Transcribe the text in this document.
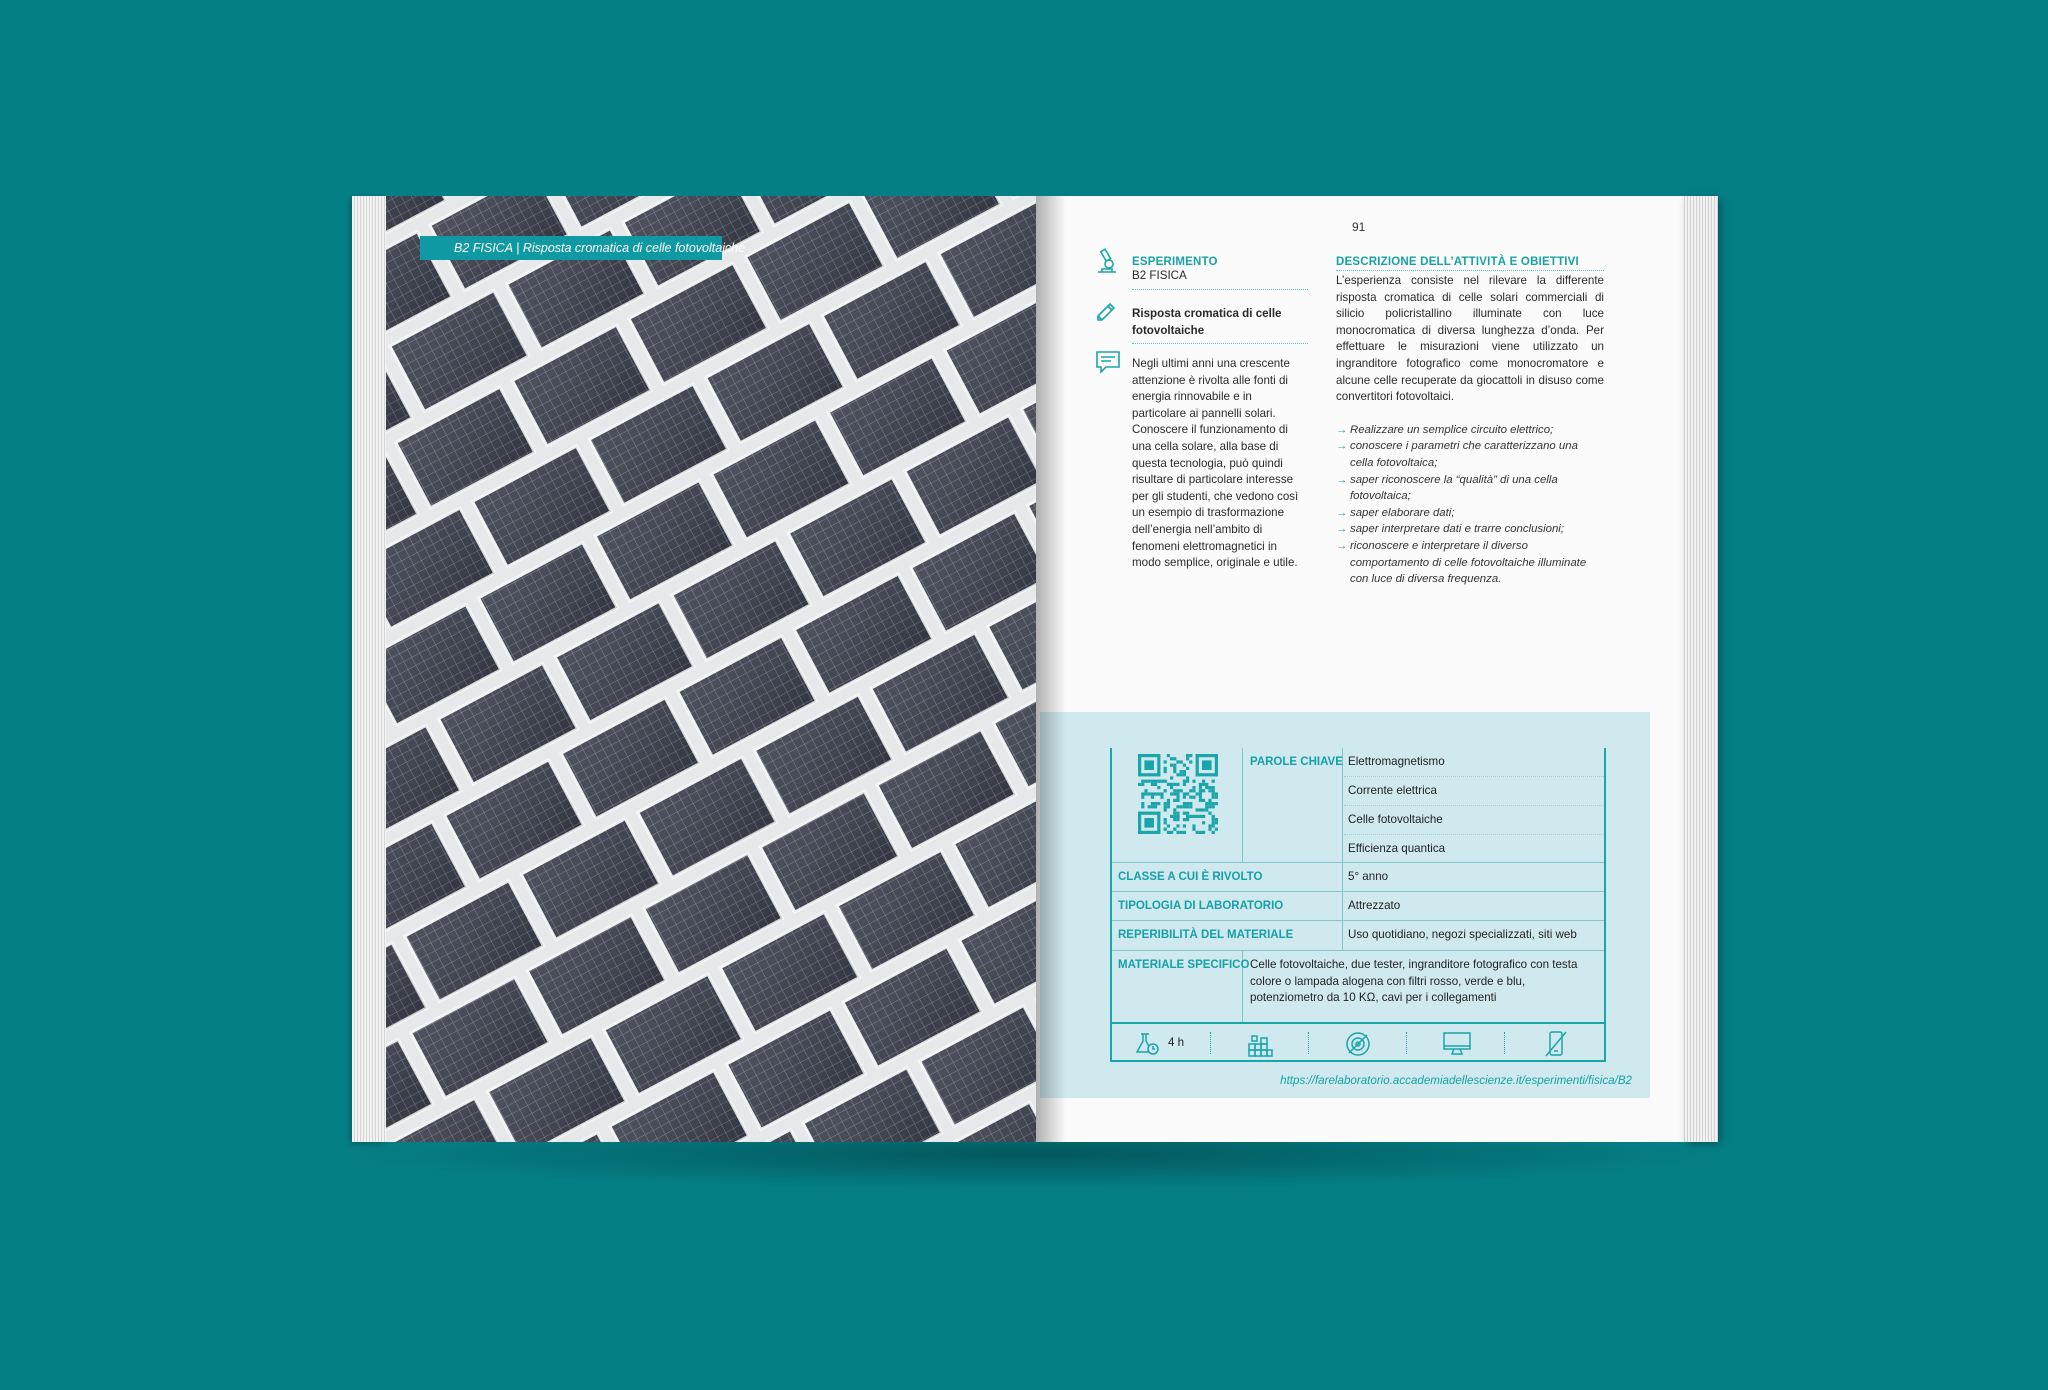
B2 FISICA | Risposta cromatica di celle fotovoltaiche
91
ESPERIMENTO
B2 FISICA
Risposta cromatica di celle fotovoltaiche
Negli ultimi anni una crescente attenzione è rivolta alle fonti di energia rinnovabile e in particolare ai pannelli solari. Conoscere il funzionamento di una cella solare, alla base di questa tecnologia, può quindi risultare di particolare interesse per gli studenti, che vedono così un esempio di trasformazione dell’energia nell’ambito di fenomeni elettromagnetici in modo semplice, originale e utile.
DESCRIZIONE DELL’ATTIVITÀ E OBIETTIVI
L’esperienza consiste nel rilevare la differente risposta cromatica di celle solari commerciali di silicio policristallino illuminate con luce monocromatica di diversa lunghezza d’onda. Per effettuare le misurazioni viene utilizzato un ingranditore fotografico come monocromatore e alcune celle recuperate da giocattoli in disuso come convertitori fotovoltaici.
→ Realizzare un semplice circuito elettrico;
→ conoscere i parametri che caratterizzano una cella fotovoltaica;
→ saper riconoscere la “qualità” di una cella fotovoltaica;
→ saper elaborare dati;
→ saper interpretare dati e trarre conclusioni;
→ riconoscere e interpretare il diverso comportamento di celle fotovoltaiche illuminate con luce di diversa frequenza.
PAROLE CHIAVE Elettromagnetismo
Corrente elettrica
Celle fotovoltaiche
Efficienza quantica
CLASSE A CUI È RIVOLTO	5° anno
TIPOLOGIA DI LABORATORIO	Attrezzato
REPERIBILITÀ DEL MATERIALE	Uso quotidiano, negozi specializzati, siti web
MATERIALE SPECIFICO Celle fotovoltaiche, due tester, ingranditore fotografico con testa colore o lampada alogena con filtri rosso, verde e blu, potenziometro da 10 KΩ, cavi per i collegamenti
4 h
https://farelaboratorio.accademiadellescienze.it/esperimenti/fisica/B2
